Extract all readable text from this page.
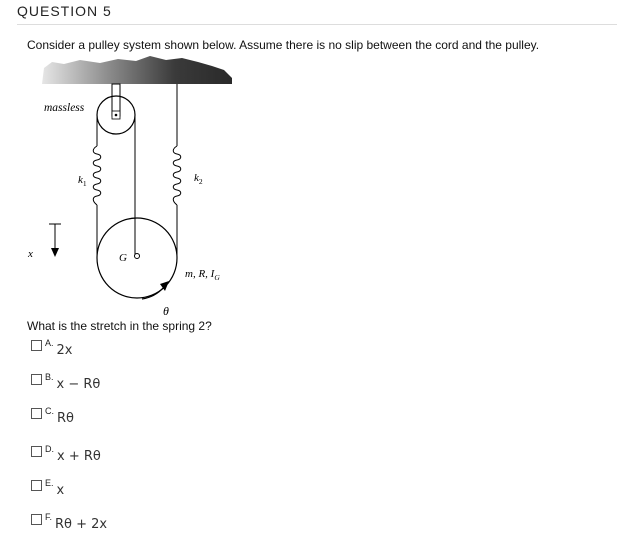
QUESTION 5
Consider a pulley system shown below. Assume there is no slip between the cord and the pulley.
massless
$k_1$	$k_2$
x	G
m, R, $I_G$
θ
What is the stretch in the spring 2?
A. 2x
B. x − Rθ
C. Rθ
D. x + Rθ
E. x
F. Rθ + 2x
